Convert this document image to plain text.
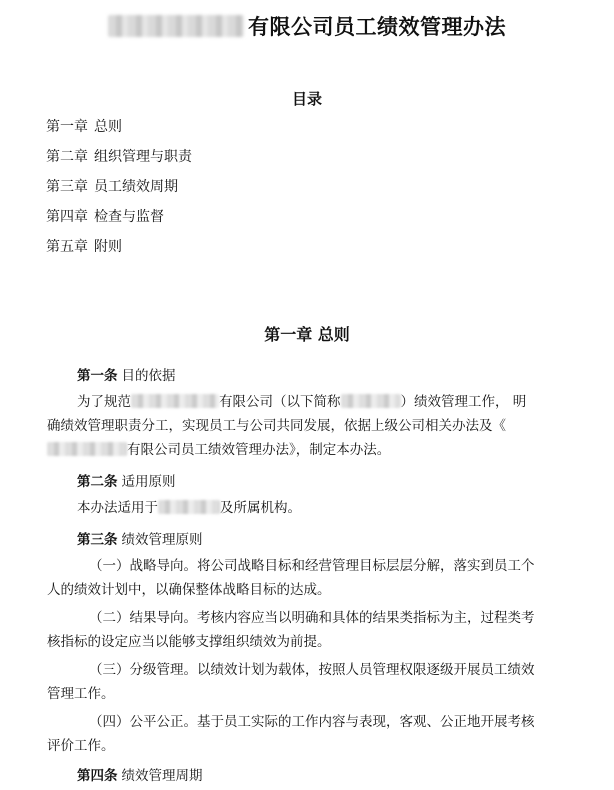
有限公司员工绩效管理办法
目录
第一章 总则
第二章 组织管理与职责
第三章 员工绩效周期
第四章 检查与监督
第五章 附则
第一章 总则

第一条 目的依据

为了规范	有限公司（以下简称	）绩效管理工作， 明
确绩效管理职责分工，实现员工与公司共同发展，依据上级公司相关办法及《
有限公司员工绩效管理办法》，制定本办法。

第二条 适用原则

本办法适用于	及所属机构。

第三条 绩效管理原则

（一）战略导向。将公司战略目标和经营管理目标层层分解，落实到员工个
人的绩效计划中，以确保整体战略目标的达成。

（二）结果导向。考核内容应当以明确和具体的结果类指标为主，过程类考
核指标的设定应当以能够支撑组织绩效为前提。

（三）分级管理。以绩效计划为载体，按照人员管理权限逐级开展员工绩效
管理工作。

（四）公平公正。基于员工实际的工作内容与表现，客观、公正地开展考核
评价工作。

第四条 绩效管理周期
